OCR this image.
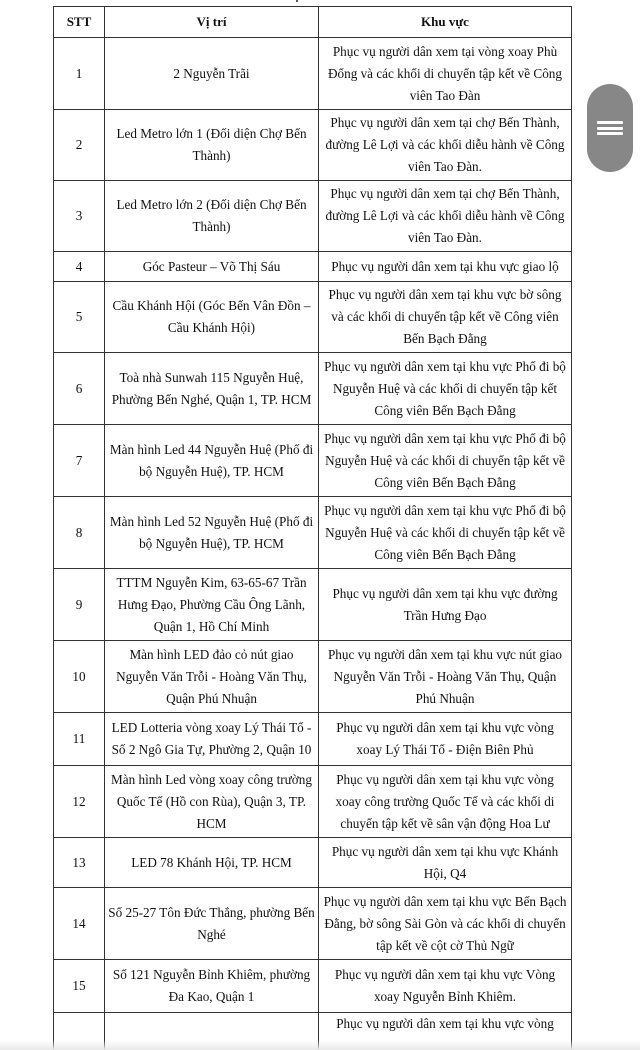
STT	Vị trí	Khu vực
1	2 Nguyễn Trãi	Phục vụ người dân xem tại vòng xoay Phù Đổng và các khối di chuyển tập kết về Công viên Tao Đàn
2	Led Metro lớn 1 (Đối diện Chợ Bến Thành)	Phục vụ người dân xem tại chợ Bến Thành, đường Lê Lợi và các khối diễu hành về Công viên Tao Đàn.
3	Led Metro lớn 2 (Đối diện Chợ Bến Thành)	Phục vụ người dân xem tại chợ Bến Thành, đường Lê Lợi và các khối diễu hành về Công viên Tao Đàn.
4	Góc Pasteur – Võ Thị Sáu	Phục vụ người dân xem tại khu vực giao lộ
5	Cầu Khánh Hội (Góc Bến Vân Đồn – Cầu Khánh Hội)	Phục vụ người dân xem tại khu vực bờ sông và các khối di chuyển tập kết về Công viên Bến Bạch Đằng
6	Toà nhà Sunwah 115 Nguyễn Huệ, Phường Bến Nghé, Quận 1, TP. HCM	Phục vụ người dân xem tại khu vực Phố đi bộ Nguyễn Huệ và các khối di chuyển tập kết Công viên Bến Bạch Đằng
7	Màn hình Led 44 Nguyễn Huệ (Phố đi bộ Nguyễn Huệ), TP. HCM	Phục vụ người dân xem tại khu vực Phố đi bộ Nguyễn Huệ và các khối di chuyển tập kết về Công viên Bến Bạch Đằng
8	Màn hình Led 52 Nguyễn Huệ (Phố đi bộ Nguyễn Huệ), TP. HCM	Phục vụ người dân xem tại khu vực Phố đi bộ Nguyễn Huệ và các khối di chuyển tập kết về Công viên Bến Bạch Đằng
9	TTTM Nguyễn Kim, 63-65-67 Trần Hưng Đạo, Phường Cầu Ông Lãnh, Quận 1, Hồ Chí Minh	Phục vụ người dân xem tại khu vực đường Trần Hưng Đạo
10	Màn hình LED đảo cỏ nút giao Nguyễn Văn Trỗi - Hoàng Văn Thụ, Quận Phú Nhuận	Phục vụ người dân xem tại khu vực nút giao Nguyễn Văn Trỗi - Hoàng Văn Thụ, Quận Phú Nhuận
11	LED Lotteria vòng xoay Lý Thái Tổ - Số 2 Ngô Gia Tự, Phường 2, Quận 10	Phục vụ người dân xem tại khu vực vòng xoay Lý Thái Tổ - Điện Biên Phủ
12	Màn hình Led vòng xoay công trường Quốc Tế (Hồ con Rùa), Quận 3, TP. HCM	Phục vụ người dân xem tại khu vực vòng xoay công trường Quốc Tế và các khối di chuyển tập kết về sân vận động Hoa Lư
13	LED 78 Khánh Hội, TP. HCM	Phục vụ người dân xem tại khu vực Khánh Hội, Q4
14	Số 25-27 Tôn Đức Thắng, phường Bến Nghé	Phục vụ người dân xem tại khu vực Bến Bạch Đằng, bờ sông Sài Gòn và các khối di chuyển tập kết về cột cờ Thủ Ngữ
15	Số 121 Nguyễn Bỉnh Khiêm, phường Đa Kao, Quận 1	Phục vụ người dân xem tại khu vực Vòng xoay Nguyễn Bỉnh Khiêm.
		Phục vụ người dân xem tại khu vực vòng
